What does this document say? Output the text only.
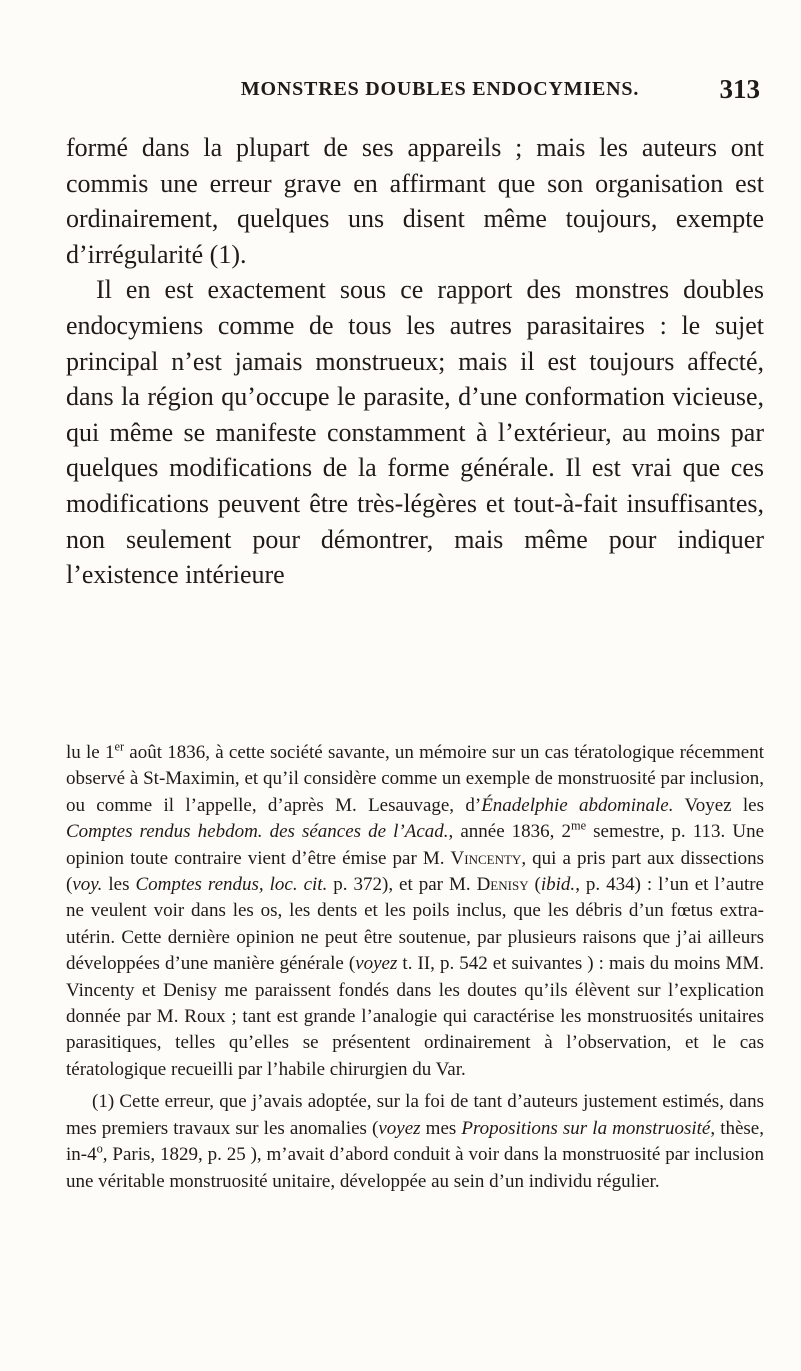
MONSTRES DOUBLES ENDOCYMIENS.	313

formé dans la plupart de ses appareils ; mais les auteurs ont commis une erreur grave en affirmant que son organisation est ordinairement, quelques uns disent même toujours, exempte d’irrégularité (1).

Il en est exactement sous ce rapport des monstres doubles endocymiens comme de tous les autres parasitaires : le sujet principal n’est jamais monstrueux; mais il est toujours affecté, dans la région qu’occupe le parasite, d’une conformation vicieuse, qui même se manifeste constamment à l’extérieur, au moins par quelques modifications de la forme générale. Il est vrai que ces modifications peuvent être très-légères et tout-à-fait insuffisantes, non seulement pour démontrer, mais même pour indiquer l’existence intérieure

lu le 1er août 1836, à cette société savante, un mémoire sur un cas tératologique récemment observé à St-Maximin, et qu’il considère comme un exemple de monstruosité par inclusion, ou comme il l’appelle, d’après M. Lesauvage, d’Énadelphie abdominale. Voyez les Comptes rendus hebdom. des séances de l’Acad., année 1836, $2^{me}$ semestre, p. 113. Une opinion toute contraire vient d’être émise par M. Vincenty, qui a pris part aux dissections (voy. les Comptes rendus, loc. cit. p. 372), et par M. Denisy (ibid., p. 434) : l’un et l’autre ne veulent voir dans les os, les dents et les poils inclus, que les débris d’un fœtus extra-utérin. Cette dernière opinion ne peut être soutenue, par plusieurs raisons que j’ai ailleurs développées d’une manière générale (voyez t. II, p. 542 et suivantes ) : mais du moins MM. Vincenty et Denisy me paraissent fondés dans les doutes qu’ils élèvent sur l’explication donnée par M. Roux ; tant est grande l’analogie qui caractérise les monstruosités unitaires parasitiques, telles qu’elles se présentent ordinairement à l’observation, et le cas tératologique recueilli par l’habile chirurgien du Var.

(1) Cette erreur, que j’avais adoptée, sur la foi de tant d’auteurs justement estimés, dans mes premiers travaux sur les anomalies (voyez mes Propositions sur la monstruosité, thèse, in-4$^o$, Paris, 1829, p. 25 ), m’avait d’abord conduit à voir dans la monstruosité par inclusion une véritable monstruosité unitaire, développée au sein d’un individu régulier.
